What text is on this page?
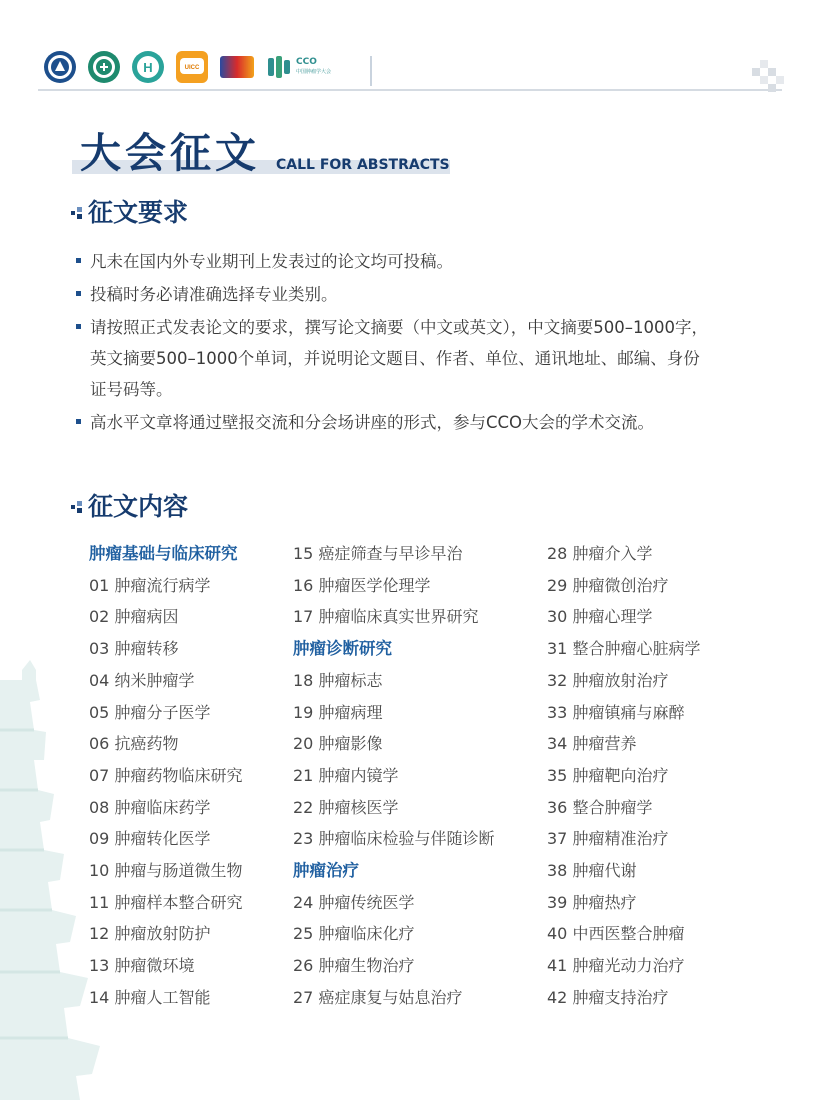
H	UICC
CCO
中国肿瘤学大会
大会征文 CALL FOR ABSTRACTS
征文要求
凡未在国内外专业期刊上发表过的论文均可投稿。
投稿时务必请准确选择专业类别。
请按照正式发表论文的要求，撰写论文摘要（中文或英文），中文摘要500–1000字，英文摘要500–1000个单词，并说明论文题目、作者、单位、通讯地址、邮编、身份证号码等。
高水平文章将通过壁报交流和分会场讲座的形式，参与CCO大会的学术交流。
征文内容
肿瘤基础与临床研究
01 肿瘤流行病学
02 肿瘤病因
03 肿瘤转移
04 纳米肿瘤学
05 肿瘤分子医学
06 抗癌药物
07 肿瘤药物临床研究
08 肿瘤临床药学
09 肿瘤转化医学
10 肿瘤与肠道微生物
11 肿瘤样本整合研究
12 肿瘤放射防护
13 肿瘤微环境
14 肿瘤人工智能
15 癌症筛查与早诊早治
16 肿瘤医学伦理学
17 肿瘤临床真实世界研究
肿瘤诊断研究
18 肿瘤标志
19 肿瘤病理
20 肿瘤影像
21 肿瘤内镜学
22 肿瘤核医学
23 肿瘤临床检验与伴随诊断
肿瘤治疗
24 肿瘤传统医学
25 肿瘤临床化疗
26 肿瘤生物治疗
27 癌症康复与姑息治疗
28 肿瘤介入学
29 肿瘤微创治疗
30 肿瘤心理学
31 整合肿瘤心脏病学
32 肿瘤放射治疗
33 肿瘤镇痛与麻醉
34 肿瘤营养
35 肿瘤靶向治疗
36 整合肿瘤学
37 肿瘤精准治疗
38 肿瘤代谢
39 肿瘤热疗
40 中西医整合肿瘤
41 肿瘤光动力治疗
42 肿瘤支持治疗
